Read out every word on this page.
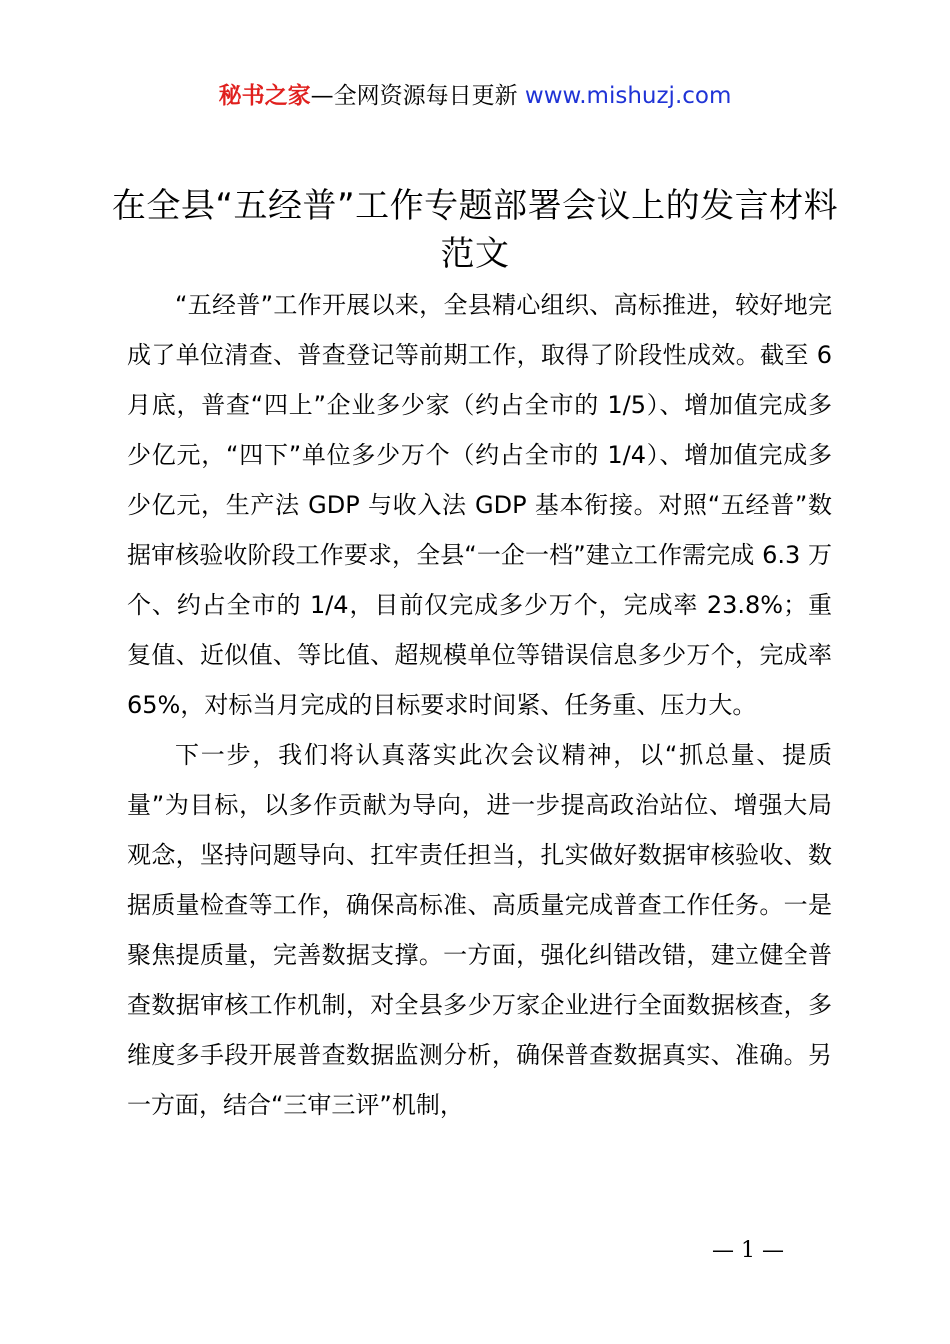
秘书之家—全网资源每日更新 www.mishuzj.com
在全县“五经普”工作专题部署会议上的发言材料范文

“五经普”工作开展以来，全县精心组织、高标推进，较好地完成了单位清查、普查登记等前期工作，取得了阶段性成效。截至 6 月底，普查“四上”企业多少家（约占全市的 1/5）、增加值完成多少亿元，“四下”单位多少万个（约占全市的 1/4）、增加值完成多少亿元，生产法 GDP 与收入法 GDP 基本衔接。对照“五经普”数据审核验收阶段工作要求，全县“一企一档”建立工作需完成 6.3 万个、约占全市的 1/4，目前仅完成多少万个，完成率 23.8%；重复值、近似值、等比值、超规模单位等错误信息多少万个，完成率 65%，对标当月完成的目标要求时间紧、任务重、压力大。

下一步，我们将认真落实此次会议精神，以“抓总量、提质量”为目标，以多作贡献为导向，进一步提高政治站位、增强大局观念，坚持问题导向、扛牢责任担当，扎实做好数据审核验收、数据质量检查等工作，确保高标准、高质量完成普查工作任务。一是聚焦提质量，完善数据支撑。一方面，强化纠错改错，建立健全普查数据审核工作机制，对全县多少万家企业进行全面数据核查，多维度多手段开展普查数据监测分析，确保普查数据真实、准确。另一方面，结合“三审三评”机制，

— 1 —
